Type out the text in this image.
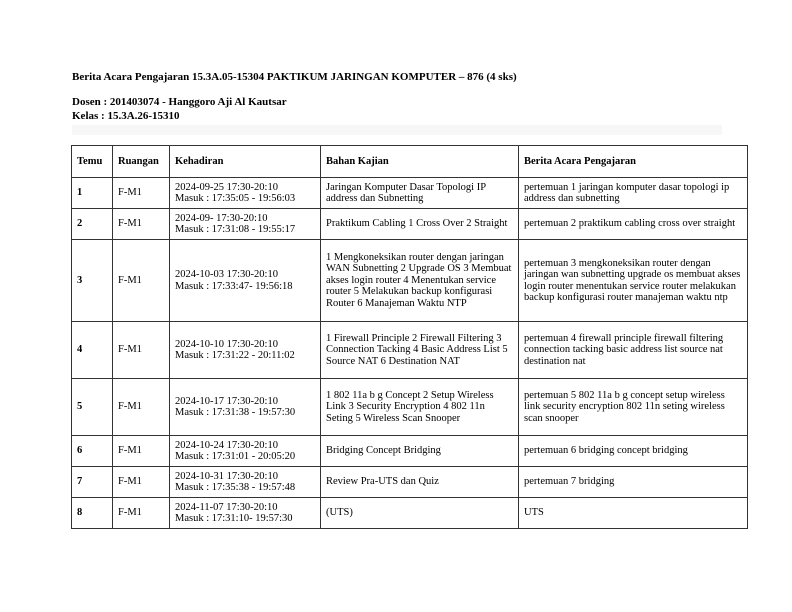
Berita Acara Pengajaran 15.3A.05-15304 PAKTIKUM JARINGAN KOMPUTER – 876 (4 sks)
Dosen : 201403074 - Hanggoro Aji Al Kautsar
Kelas : 15.3A.26-15310
Temu	Ruangan	Kehadiran	Bahan Kajian	Berita Acara Pengajaran
1	F-M1	2024-09-25 17:30-20:10
Masuk : 17:35:05 - 19:56:03	Jaringan Komputer Dasar Topologi IP address dan Subnetting	pertemuan 1 jaringan komputer dasar topologi ip address dan subnetting
2	F-M1	2024-09- 17:30-20:10
Masuk : 17:31:08 - 19:55:17	Praktikum Cabling 1 Cross Over 2 Straight	pertemuan 2 praktikum cabling cross over straight
3	F-M1	2024-10-03 17:30-20:10
Masuk : 17:33:47- 19:56:18	1 Mengkoneksikan router dengan jaringan WAN Subnetting 2 Upgrade OS 3 Membuat akses login router 4 Menentukan service router 5 Melakukan backup konfigurasi Router 6 Manajeman Waktu NTP	pertemuan 3 mengkoneksikan router dengan jaringan wan subnetting upgrade os membuat akses login router menentukan service router melakukan backup konfigurasi router manajeman waktu ntp
4	F-M1	2024-10-10 17:30-20:10
Masuk : 17:31:22 - 20:11:02	1 Firewall Principle 2 Firewall Filtering 3 Connection Tacking 4 Basic Address List 5 Source NAT 6 Destination NAT	pertemuan 4 firewall principle firewall filtering connection tacking basic address list source nat destination nat
5	F-M1	2024-10-17 17:30-20:10
Masuk : 17:31:38 - 19:57:30	1 802 11a b g Concept 2 Setup Wireless Link 3 Security Encryption 4 802 11n Seting 5 Wireless Scan Snooper	pertemuan 5 802 11a b g concept setup wireless link security encryption 802 11n seting wireless scan snooper
6	F-M1	2024-10-24 17:30-20:10
Masuk : 17:31:01 - 20:05:20	Bridging Concept Bridging	pertemuan 6 bridging concept bridging
7	F-M1	2024-10-31 17:30-20:10
Masuk : 17:35:38 - 19:57:48	Review Pra-UTS dan Quiz	pertemuan 7 bridging
8	F-M1	2024-11-07 17:30-20:10
Masuk : 17:31:10- 19:57:30	(UTS)	UTS
